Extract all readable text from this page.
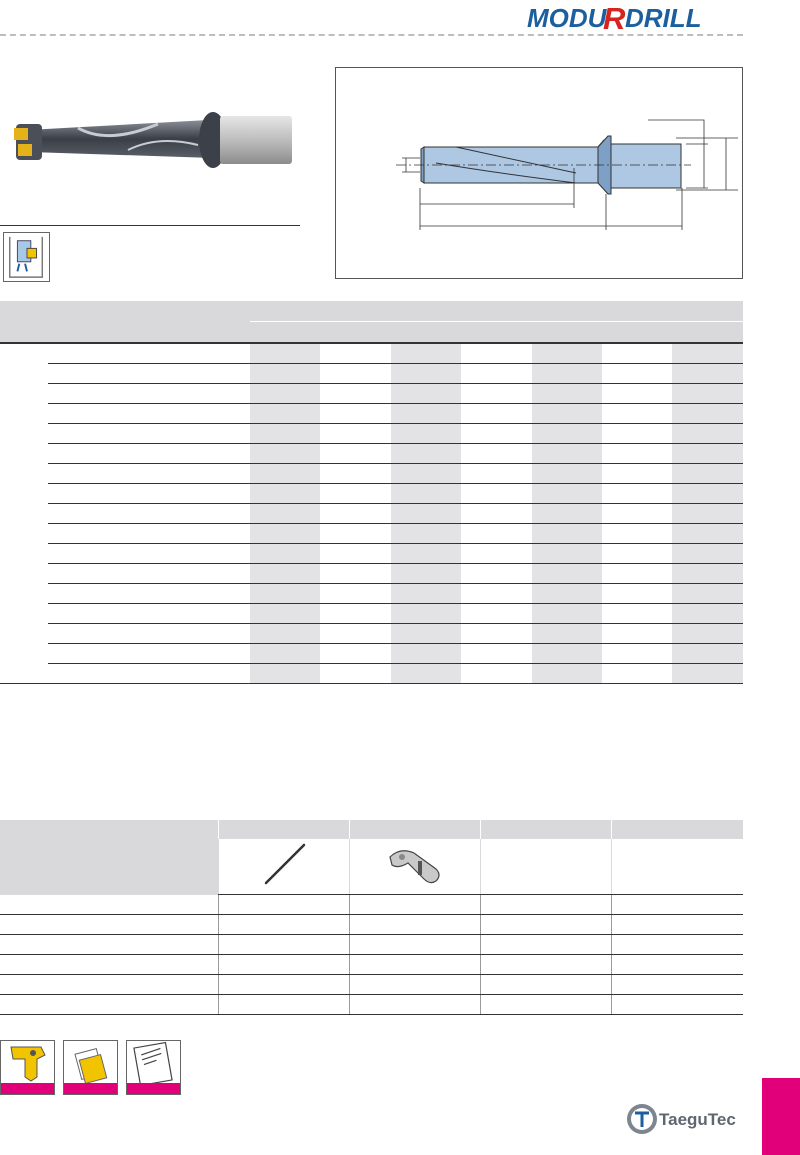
MODU
R DRILL

TaeguTec
